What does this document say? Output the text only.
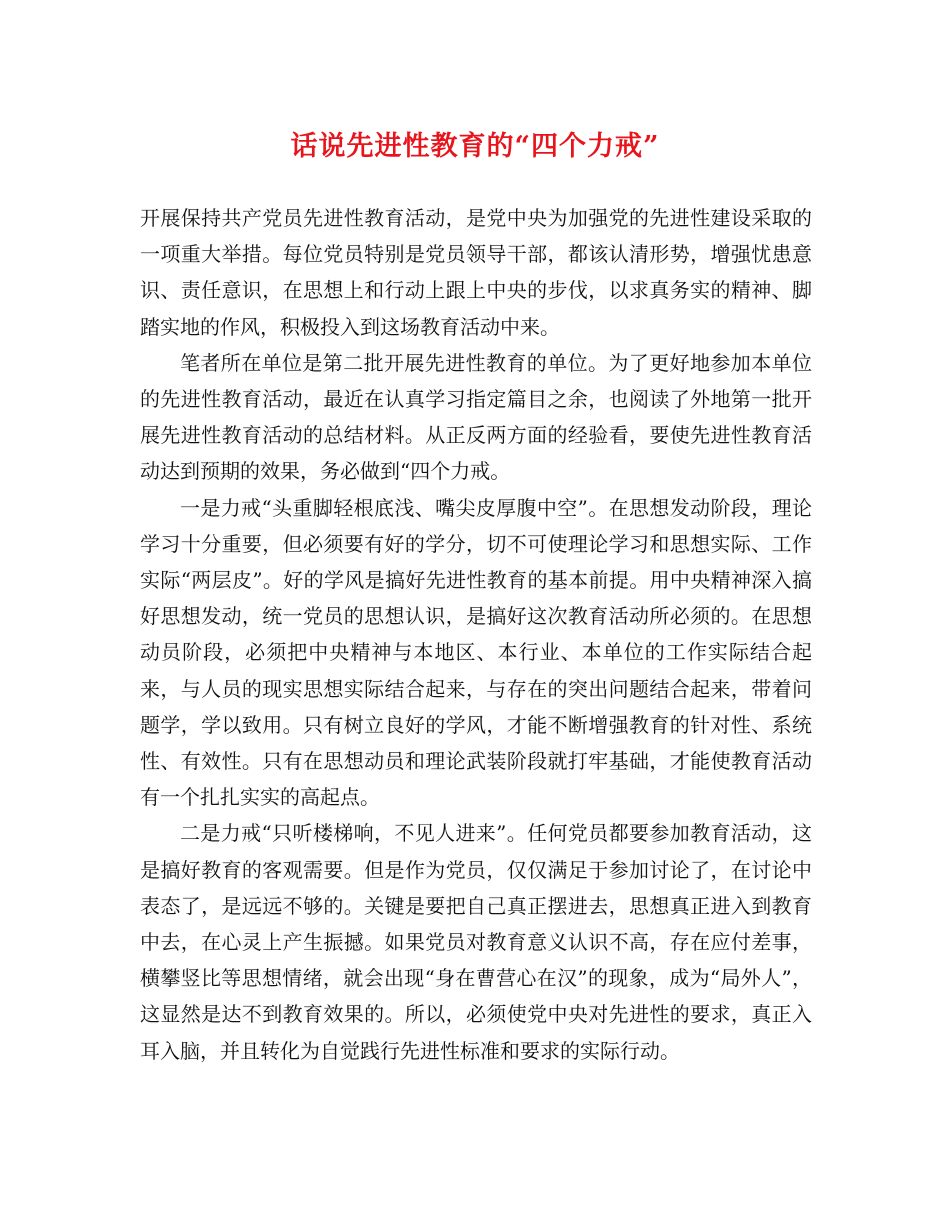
话说先进性教育的“四个力戒”

开展保持共产党员先进性教育活动，是党中央为加强党的先进性建设采取的一项重大举措。每位党员特别是党员领导干部，都该认清形势，增强忧患意识、责任意识，在思想上和行动上跟上中央的步伐，以求真务实的精神、脚踏实地的作风，积极投入到这场教育活动中来。

笔者所在单位是第二批开展先进性教育的单位。为了更好地参加本单位的先进性教育活动，最近在认真学习指定篇目之余，也阅读了外地第一批开展先进性教育活动的总结材料。从正反两方面的经验看，要使先进性教育活动达到预期的效果，务必做到“四个力戒。

一是力戒“头重脚轻根底浅、嘴尖皮厚腹中空”。在思想发动阶段，理论学习十分重要，但必须要有好的学分，切不可使理论学习和思想实际、工作实际“两层皮”。好的学风是搞好先进性教育的基本前提。用中央精神深入搞好思想发动，统一党员的思想认识，是搞好这次教育活动所必须的。在思想动员阶段，必须把中央精神与本地区、本行业、本单位的工作实际结合起来，与人员的现实思想实际结合起来，与存在的突出问题结合起来，带着问题学，学以致用。只有树立良好的学风，才能不断增强教育的针对性、系统性、有效性。只有在思想动员和理论武装阶段就打牢基础，才能使教育活动有一个扎扎实实的高起点。

二是力戒“只听楼梯响，不见人进来”。任何党员都要参加教育活动，这是搞好教育的客观需要。但是作为党员，仅仅满足于参加讨论了，在讨论中表态了，是远远不够的。关键是要把自己真正摆进去，思想真正进入到教育中去，在心灵上产生振撼。如果党员对教育意义认识不高，存在应付差事，横攀竖比等思想情绪，就会出现“身在曹营心在汉”的现象，成为“局外人”，这显然是达不到教育效果的。所以，必须使党中央对先进性的要求，真正入耳入脑，并且转化为自觉践行先进性标准和要求的实际行动。
